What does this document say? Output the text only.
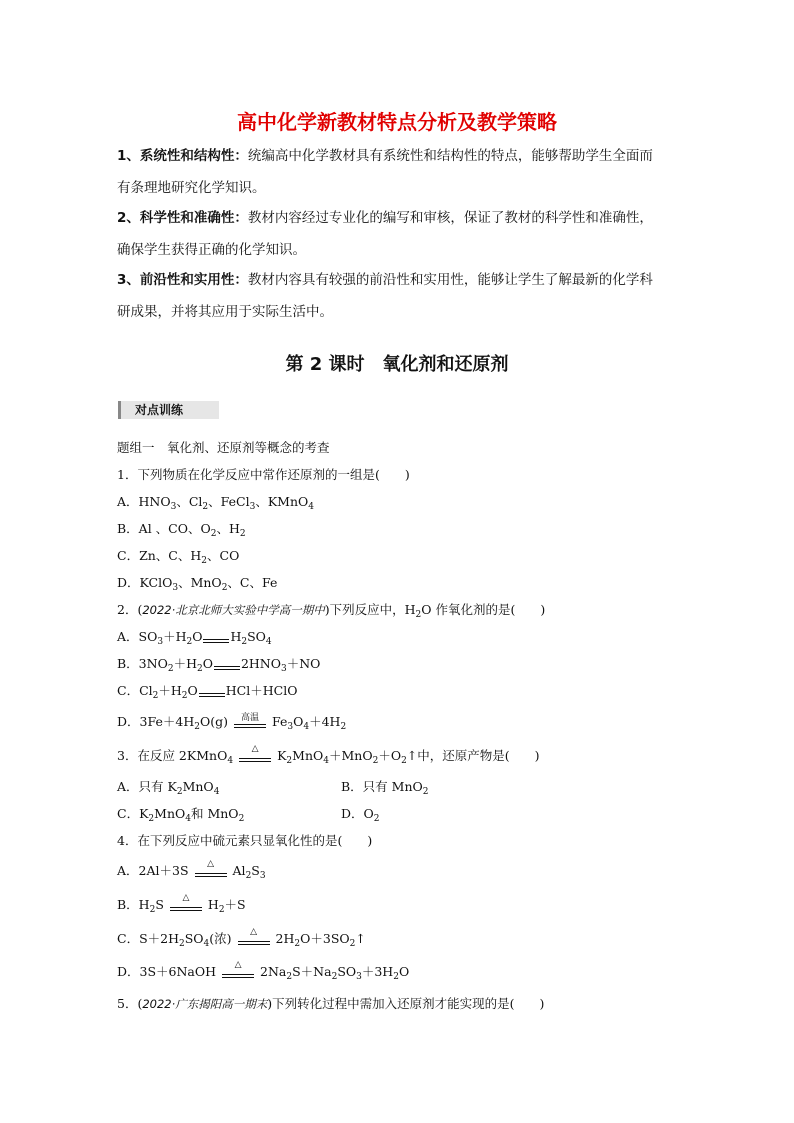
高中化学新教材特点分析及教学策略
1、系统性和结构性：统编高中化学教材具有系统性和结构性的特点，能够帮助学生全面而
有条理地研究化学知识。
2、科学性和准确性：教材内容经过专业化的编写和审核，保证了教材的科学性和准确性，
确保学生获得正确的化学知识。
3、前沿性和实用性：教材内容具有较强的前沿性和实用性，能够让学生了解最新的化学科
研成果，并将其应用于实际生活中。
第 2 课时 氧化剂和还原剂
对点训练
题组一　氧化剂、还原剂等概念的考查
1．下列物质在化学反应中常作还原剂的一组是(　　)
A．$HNO_3$、$Cl_2$、FeCl$_3$、KMnO$_4$
B．Al 、CO、$O_2$、$H_2$
C．Zn、C、$H_2$、CO
D．KClO$_3$、MnO$_2$、C、Fe
2．(2022·北京北师大实验中学高一期中)下列反应中，$H_2O$ 作氧化剂的是(　　)
A．$SO_3+H_2O$ $H_2SO_4$
B．$3NO_2+H_2O$ $2HNO_3+NO$
C．$Cl_2+H_2O$ HCl＋HClO
D．$3Fe+4H_2O(g)$	高温	$Fe_3O_4+4H_2$
3．在反应 2KMnO$_4$
△	$K_2MnO_4+MnO_2+O_2↑$中，还原产物是(　　)
A．只有 $K_2MnO_4$	B．只有 MnO$_2$
C．$K_2MnO_4$和 MnO$_2$	D．$O_2$
4．在下列反应中硫元素只显氧化性的是(　　)
A．2Al＋3S	△	$Al_2S_3$
B．$H_2S$	△	$H_2+S$
C．$S+2H_2SO_4$(浓)	△	$2H_2O+3SO_2↑$
D．3S＋6NaOH	△	$2Na_2S+Na_2SO_3+3H_2O$
5．(2022·广东揭阳高一期末)下列转化过程中需加入还原剂才能实现的是(　　)
